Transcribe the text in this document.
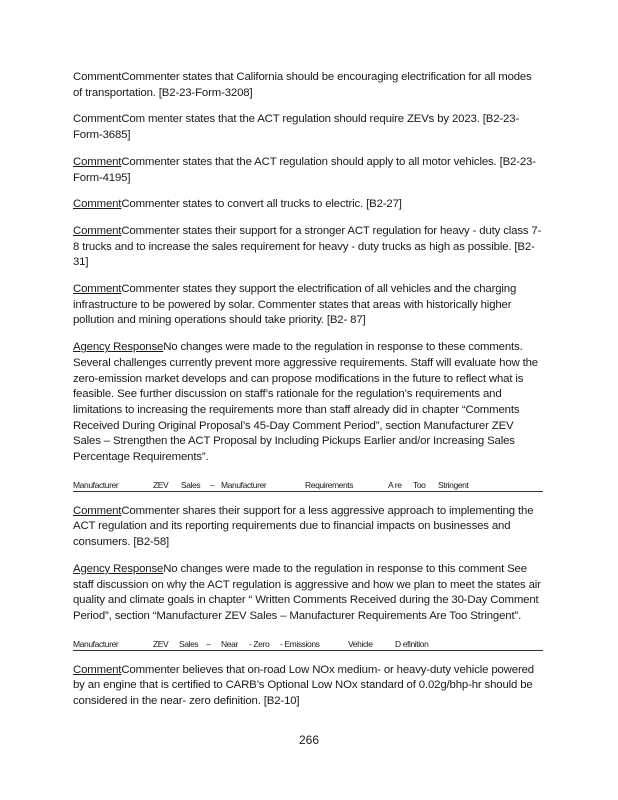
CommentCommenter states that California should be encouraging electrification for all modes of transportation. [B2-23-Form-3208]

CommentCom menter states that the ACT regulation should require ZEVs by 2023. [B2-23-Form-3685]

CommentCommenter states that the ACT regulation should apply to all motor vehicles. [B2-23-Form-4195]

CommentCommenter states to convert all trucks to electric. [B2-27]

CommentCommenter states their support for a stronger ACT regulation for heavy - duty class 7-8 trucks and to increase the sales requirement for heavy - duty trucks as high as possible. [B2-31]

CommentCommenter states they support the electrification of all vehicles and the charging infrastructure to be powered by solar. Commenter states that areas with historically higher pollution and mining operations should take priority. [B2- 87]

Agency ResponseNo changes were made to the regulation in response to these comments. Several challenges currently prevent more aggressive requirements. Staff will evaluate how the zero-emission market develops and can propose modifications in the future to reflect what is feasible. See further discussion on staff’s rationale for the regulation’s requirements and limitations to increasing the requirements more than staff already did in chapter “Comments Received During Original Proposal’s 45-Day Comment Period”, section Manufacturer ZEV Sales – Strengthen the ACT Proposal by Including Pickups Earlier and/or Increasing Sales Percentage Requirements”.

Manufacturer	ZEV Sales – Manufacturer	Requirements	A re Too Stringent

CommentCommenter shares their support for a less aggressive approach to implementing the ACT regulation and its reporting requirements due to financial impacts on businesses and consumers. [B2-58]

Agency ResponseNo changes were made to the regulation in response to this comment See staff discussion on why the ACT regulation is aggressive and how we plan to meet the states air quality and climate goals in chapter “ Written Comments Received during the 30-Day Comment Period”, section “Manufacturer ZEV Sales – Manufacturer Requirements Are Too Stringent”.

Manufacturer	ZEV Sales – Near - Zero - Emissions	Vehicle	D efinition

CommentCommenter believes that on-road Low NOx medium- or heavy-duty vehicle powered by an engine that is certified to CARB’s Optional Low NOx standard of 0.02g/bhp-hr should be considered in the near- zero definition. [B2-10]

266
